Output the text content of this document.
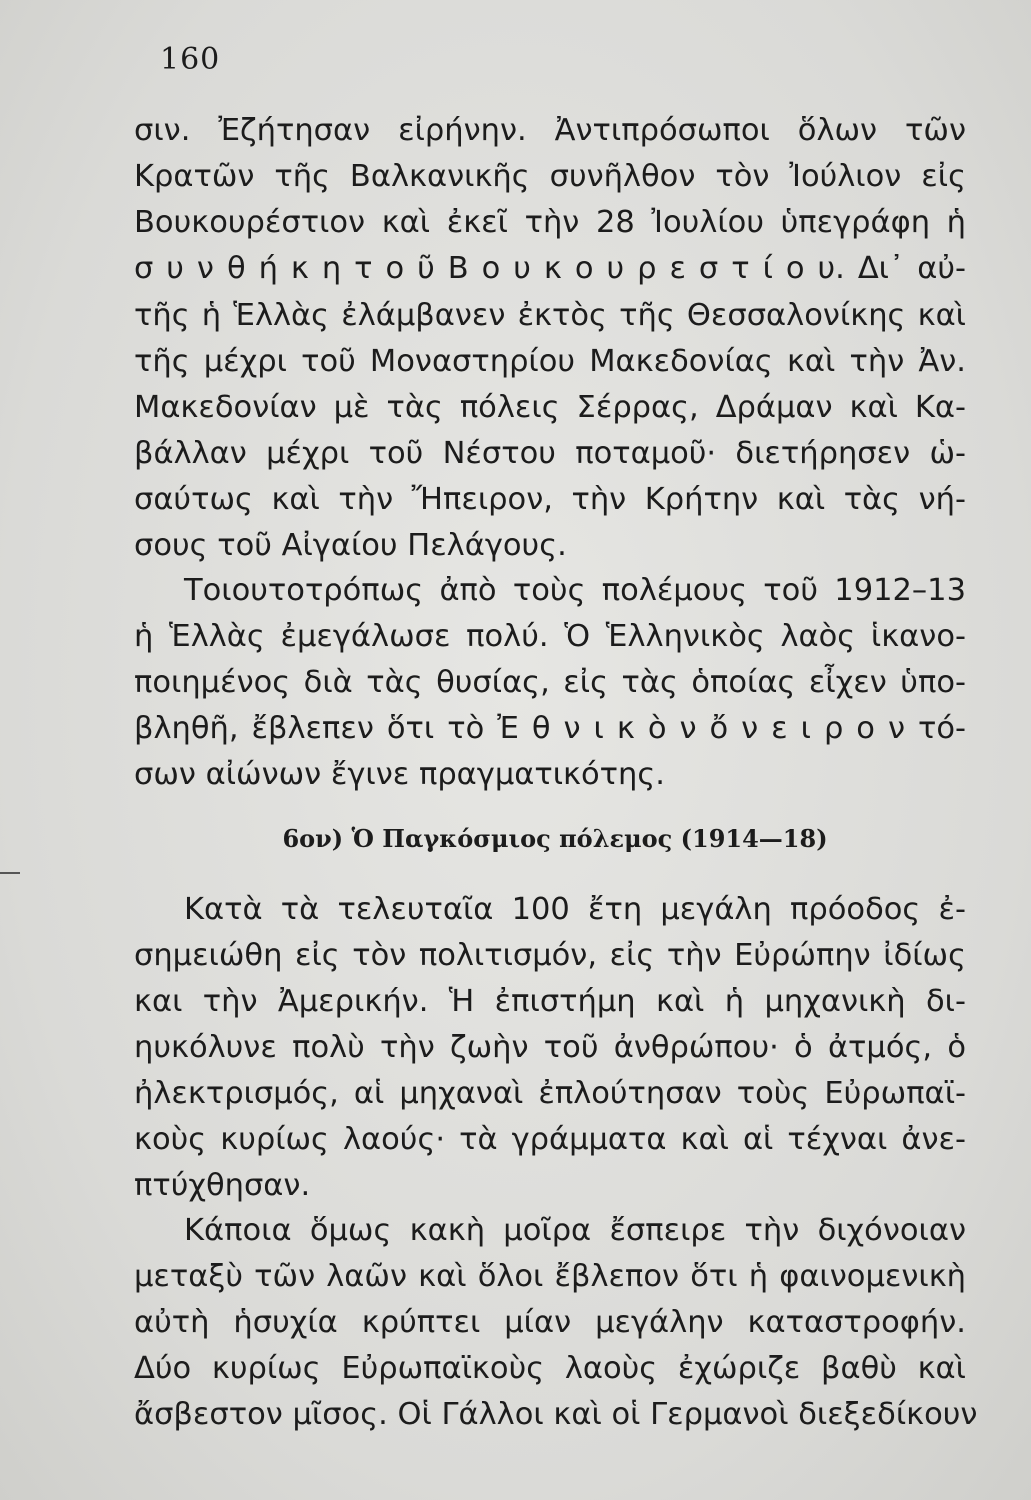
160
σιν. Ἐζήτησαν εἰρήνην. Ἀντιπρόσωποι ὅλων τῶν
Κρατῶν τῆς Βαλκανικῆς συνῆλθον τὸν Ἰούλιον εἰς
Βουκουρέστιον καὶ ἐκεῖ τὴν 28 Ἰουλίου ὑπεγράφη ἡ
σ υ ν θ ή κ η τ ο ῦ Β ο υ κ ο υ ρ ε σ τ ί ο υ. Δι᾽ αὐ-
τῆς ἡ Ἑλλὰς ἐλάμβανεν ἐκτὸς τῆς Θεσσαλονίκης καὶ
τῆς μέχρι τοῦ Μοναστηρίου Μακεδονίας καὶ τὴν Ἀν.
Μακεδονίαν μὲ τὰς πόλεις Σέρρας, Δράμαν καὶ Κα-
βάλλαν μέχρι τοῦ Νέστου ποταμοῦ· διετήρησεν ὡ-
σαύτως καὶ τὴν Ἤπειρον, τὴν Κρήτην καὶ τὰς νή-
σους τοῦ Αἰγαίου Πελάγους.
Τοιουτοτρόπως ἀπὸ τοὺς πολέμους τοῦ 1912–13
ἡ Ἑλλὰς ἐμεγάλωσε πολύ. Ὁ Ἑλληνικὸς λαὸς ἱκανο-
ποιημένος διὰ τὰς θυσίας, εἰς τὰς ὁποίας εἶχεν ὑπο-
βληθῆ, ἔβλεπεν ὅτι τὸ Ἐ θ ν ι κ ὸ ν ὄ ν ε ι ρ ο ν τό-
σων αἰώνων ἔγινε πραγματικότης.
6ον) Ὁ Παγκόσμιος πόλεμος (1914—18)
Κατὰ τὰ τελευταῖα 100 ἔτη μεγάλη πρόοδος ἐ-
σημειώθη εἰς τὸν πολιτισμόν, εἰς τὴν Εὐρώπην ἰδίως
και τὴν Ἀμερικήν. Ἡ ἐπιστήμη καὶ ἡ μηχανικὴ δι-
ηυκόλυνε πολὺ τὴν ζωὴν τοῦ ἀνθρώπου· ὁ ἀτμός, ὁ
ἠλεκτρισμός, αἱ μηχαναὶ ἐπλούτησαν τοὺς Εὐρωπαϊ-
κοὺς κυρίως λαούς· τὰ γράμματα καὶ αἱ τέχναι ἀνε-
πτύχθησαν.
Κάποια ὅμως κακὴ μοῖρα ἔσπειρε τὴν διχόνοιαν
μεταξὺ τῶν λαῶν καὶ ὅλοι ἔβλεπον ὅτι ἡ φαινομενικὴ
αὐτὴ ἡσυχία κρύπτει μίαν μεγάλην καταστροφήν.
Δύο κυρίως Εὐρωπαϊκοὺς λαοὺς ἐχώριζε βαθὺ καὶ
ἄσβεστον μῖσος. Οἱ Γάλλοι καὶ οἱ Γερμανοὶ διεξεδίκουν
